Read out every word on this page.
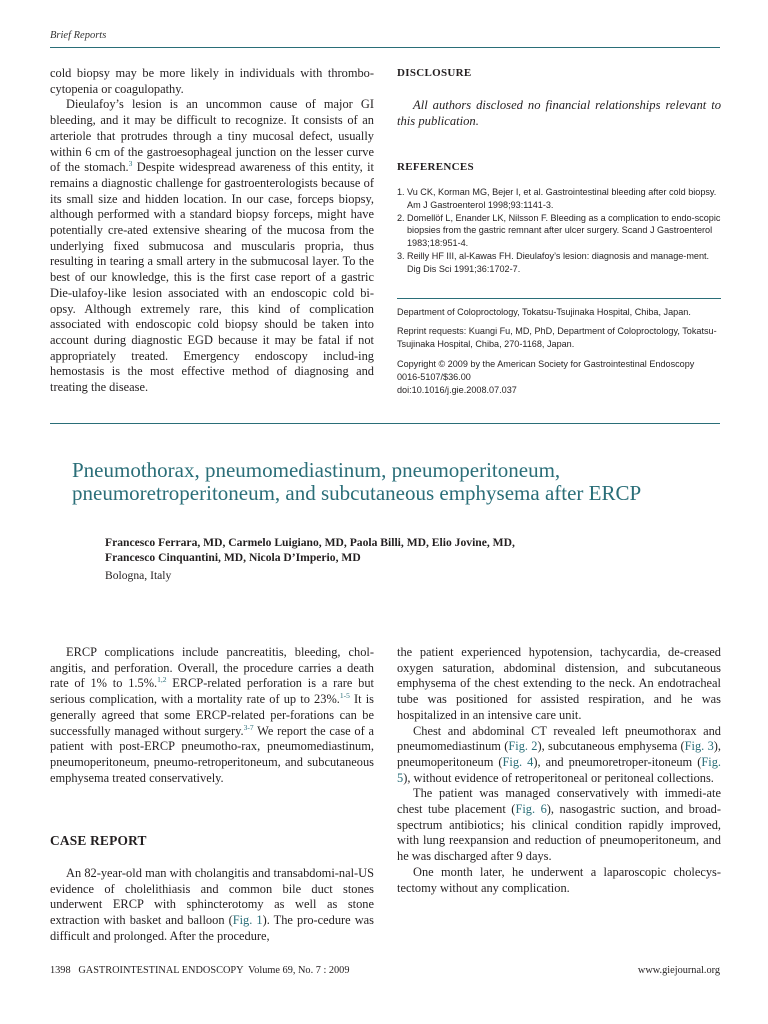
Brief Reports

cold biopsy may be more likely in individuals with thrombo-cytopenia or coagulopathy.

Dieulafoy’s lesion is an uncommon cause of major GI bleeding, and it may be difficult to recognize. It consists of an arteriole that protrudes through a tiny mucosal defect, usually within 6 cm of the gastroesophageal junction on the lesser curve of the stomach.$^3$ Despite widespread awareness of this entity, it remains a diagnostic challenge for gastroenterologists because of its small size and hidden location. In our case, forceps biopsy, although performed with a standard biopsy forceps, might have potentially cre-ated extensive shearing of the mucosa from the underlying fixed submucosa and muscularis propria, thus resulting in tearing a small artery in the submucosal layer. To the best of our knowledge, this is the first case report of a gastric Die-ulafoy-like lesion associated with an endoscopic cold bi-opsy. Although extremely rare, this kind of complication associated with endoscopic cold biopsy should be taken into account during diagnostic EGD because it may be fatal if not appropriately treated. Emergency endoscopy includ-ing hemostasis is the most effective method of diagnosing and treating the disease.

DISCLOSURE
All authors disclosed no financial relationships relevant to this publication.
REFERENCES
1. Vu CK, Korman MG, Bejer I, et al. Gastrointestinal bleeding after cold biopsy. Am J Gastroenterol 1998;93:1141-3.
2. Domellöf L, Enander LK, Nilsson F. Bleeding as a complication to endo-scopic biopsies from the gastric remnant after ulcer surgery. Scand J Gastroenterol 1983;18:951-4.
3. Reilly HF III, al-Kawas FH. Dieulafoy’s lesion: diagnosis and manage-ment. Dig Dis Sci 1991;36:1702-7.
Department of Coloproctology, Tokatsu-Tsujinaka Hospital, Chiba, Japan.
Reprint requests: Kuangi Fu, MD, PhD, Department of Coloproctology, Tokatsu-Tsujinaka Hospital, Chiba, 270-1168, Japan.
Copyright © 2009 by the American Society for Gastrointestinal Endoscopy
0016-5107/$36.00
doi:10.1016/j.gie.2008.07.037
Pneumothorax, pneumomediastinum, pneumoperitoneum, pneumoretroperitoneum, and subcutaneous emphysema after ERCP
Francesco Ferrara, MD, Carmelo Luigiano, MD, Paola Billi, MD, Elio Jovine, MD,
Francesco Cinquantini, MD, Nicola D’Imperio, MD
Bologna, Italy

ERCP complications include pancreatitis, bleeding, chol-angitis, and perforation. Overall, the procedure carries a death rate of 1% to 1.5%.$^{1,2}$ ERCP-related perforation is a rare but serious complication, with a mortality rate of up to 23%.$^{1-5}$ It is generally agreed that some ERCP-related per-forations can be successfully managed without surgery.$^{3-7}$ We report the case of a patient with post-ERCP pneumotho-rax, pneumomediastinum, pneumoperitoneum, pneumo-retroperitoneum, and subcutaneous emphysema treated conservatively.

CASE REPORT

An 82-year-old man with cholangitis and transabdomi-nal-US evidence of cholelithiasis and common bile duct stones underwent ERCP with sphincterotomy as well as stone extraction with basket and balloon (Fig. 1). The pro-cedure was difficult and prolonged. After the procedure,

the patient experienced hypotension, tachycardia, de-creased oxygen saturation, abdominal distension, and subcutaneous emphysema of the chest extending to the neck. An endotracheal tube was positioned for assisted respiration, and he was hospitalized in an intensive care unit.

Chest and abdominal CT revealed left pneumothorax and pneumomediastinum (Fig. 2), subcutaneous emphysema (Fig. 3), pneumoperitoneum (Fig. 4), and pneumoretroper-itoneum (Fig. 5), without evidence of retroperitoneal or peritoneal collections.

The patient was managed conservatively with immedi-ate chest tube placement (Fig. 6), nasogastric suction, and broad-spectrum antibiotics; his clinical condition rapidly improved, with lung reexpansion and reduction of pneumoperitoneum, and he was discharged after 9 days.

One month later, he underwent a laparoscopic cholecys-tectomy without any complication.

1398   GASTROINTESTINAL ENDOSCOPY  Volume 69, No. 7 : 2009	www.giejournal.org
